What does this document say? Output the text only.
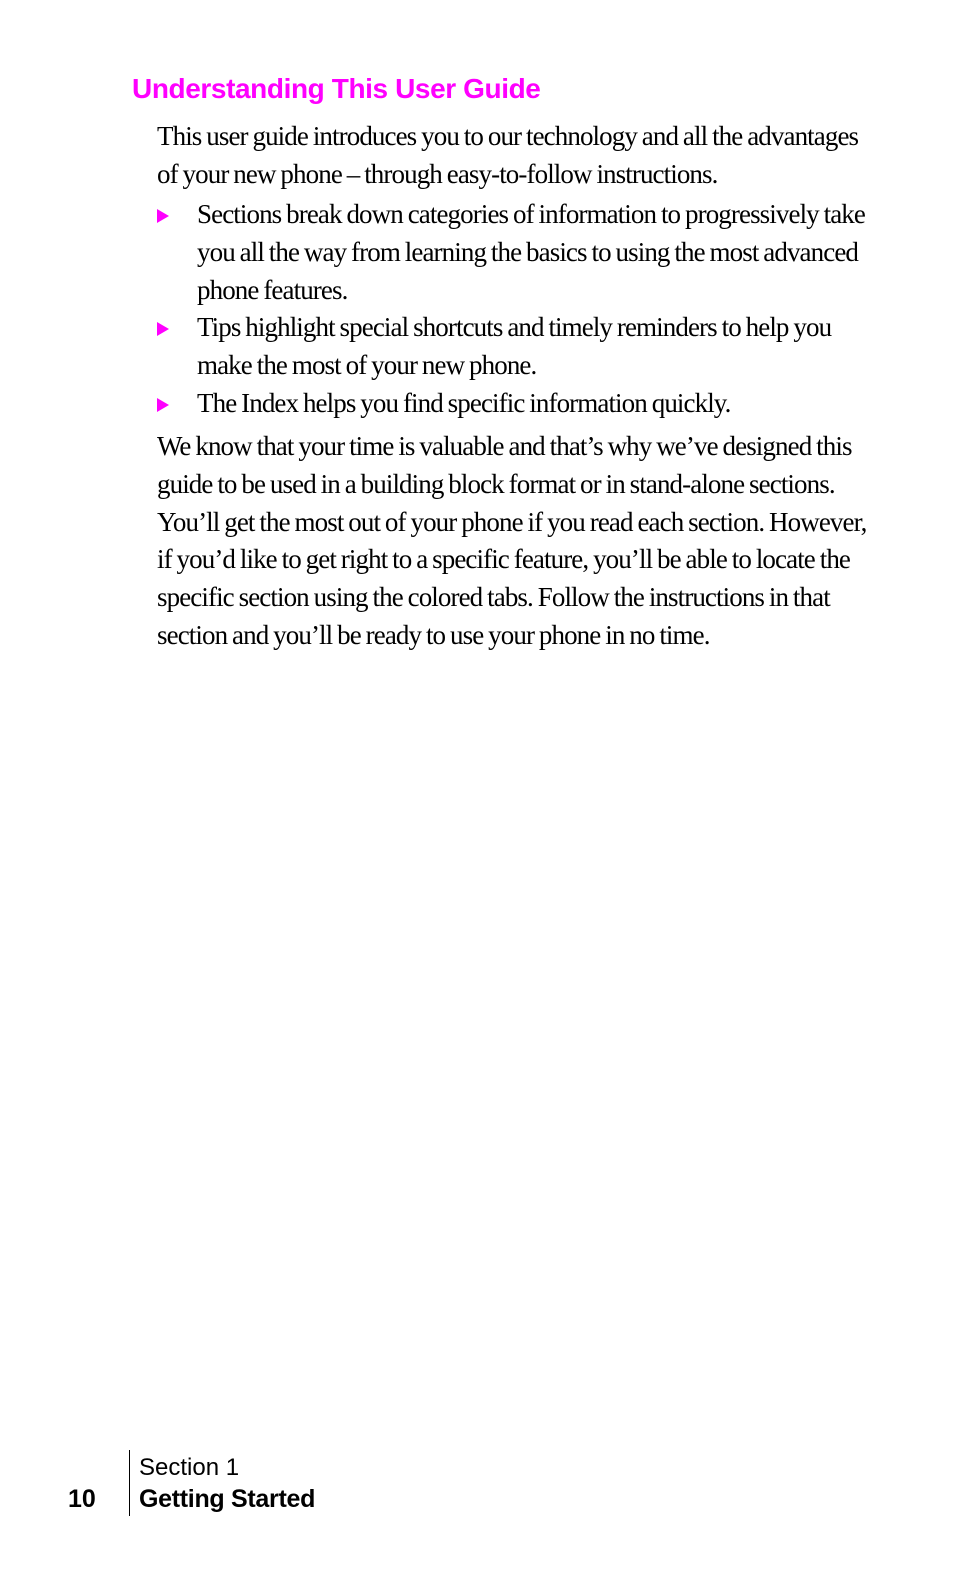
Understanding This User Guide

This user guide introduces you to our technology and all the advantages of your new phone – through easy-to-follow instructions.

Sections break down categories of information to progressively take you all the way from learning the basics to using the most advanced phone features.
Tips highlight special shortcuts and timely reminders to help you make the most of your new phone.
The Index helps you find specific information quickly.

We know that your time is valuable and that’s why we’ve designed this guide to be used in a building block format or in stand-alone sections. You’ll get the most out of your phone if you read each section. However, if you’d like to get right to a specific feature, you’ll be able to locate the specific section using the colored tabs. Follow the instructions in that section and you’ll be ready to use your phone in no time.

10

Section 1

Getting Started
